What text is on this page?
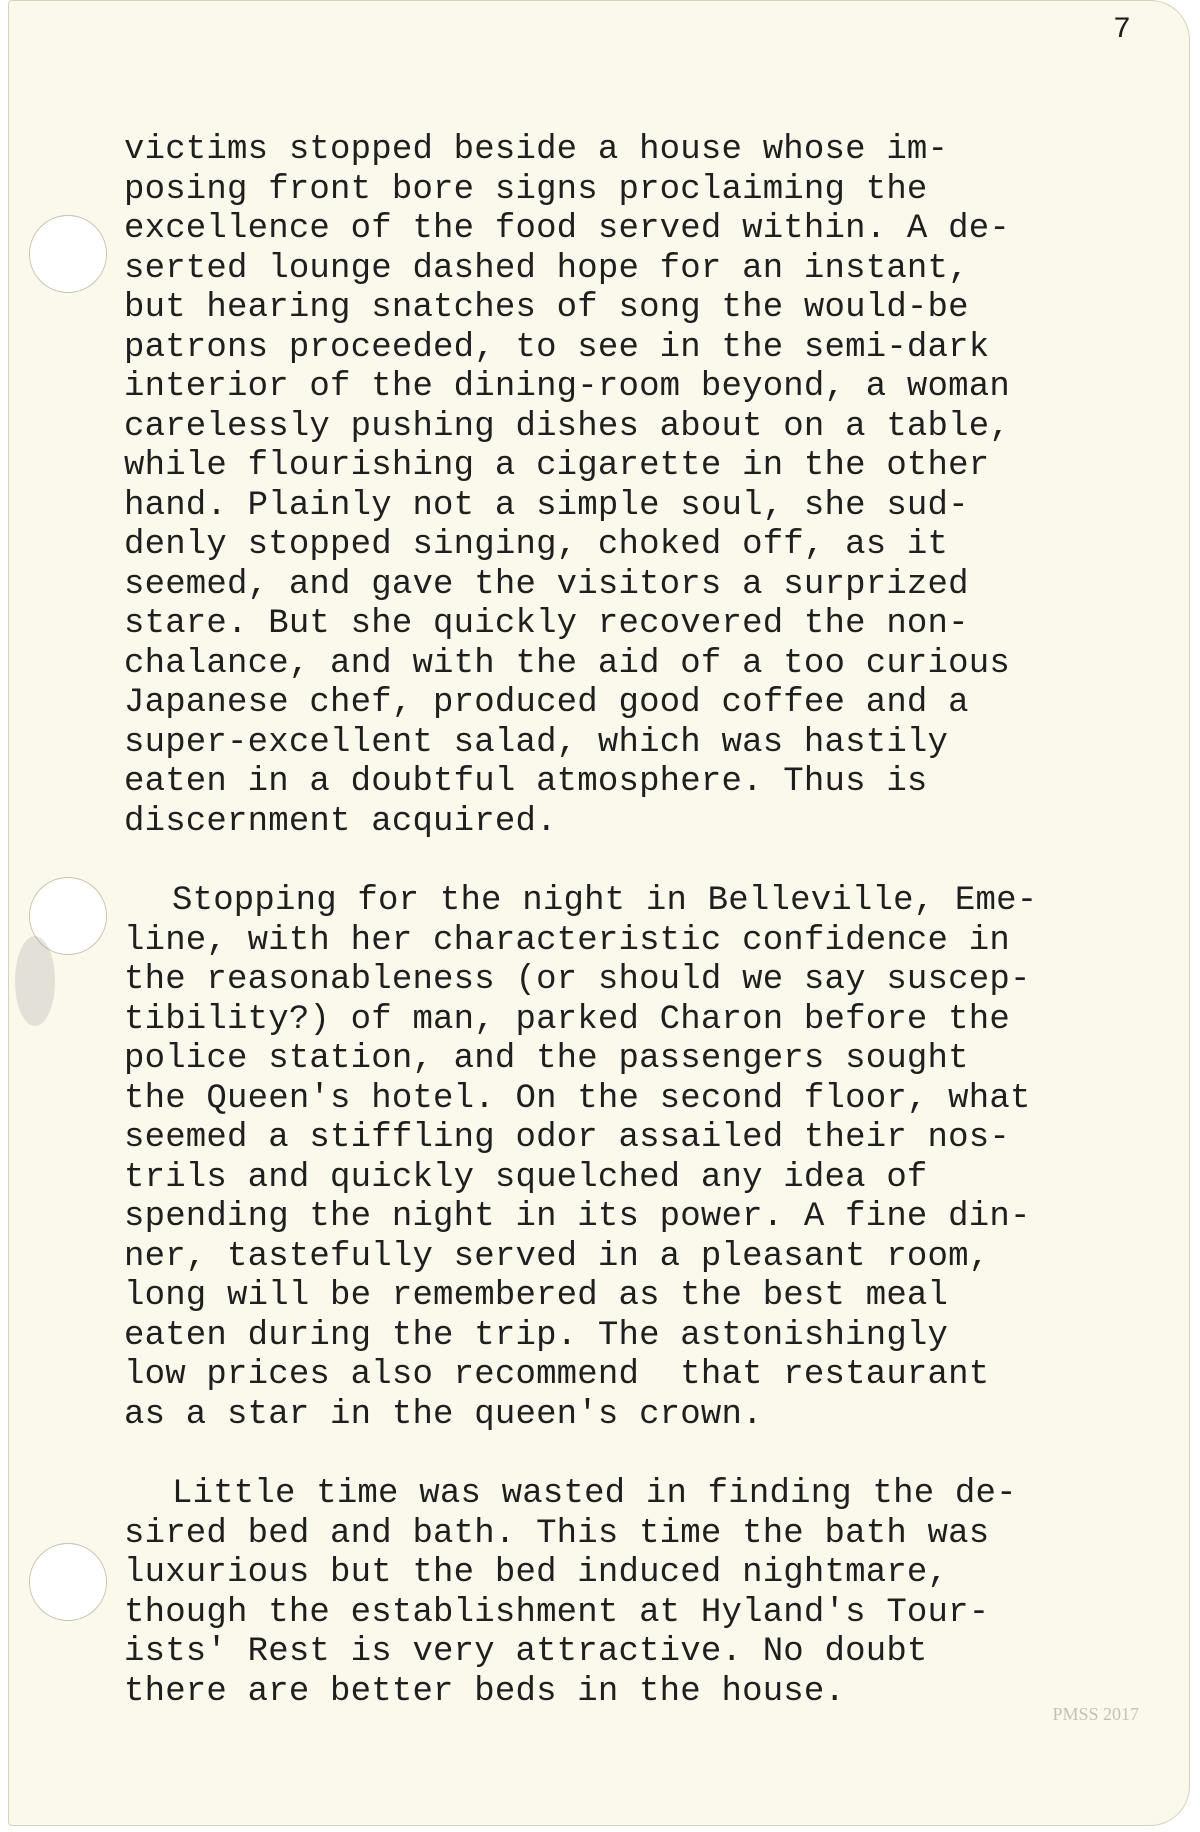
7
victims stopped beside a house whose im-
posing front bore signs proclaiming the
excellence of the food served within. A de-
serted lounge dashed hope for an instant,
but hearing snatches of song the would-be
patrons proceeded, to see in the semi-dark
interior of the dining-room beyond, a woman
carelessly pushing dishes about on a table,
while flourishing a cigarette in the other
hand. Plainly not a simple soul, she sud-
denly stopped singing, choked off, as it
seemed, and gave the visitors a surprized
stare. But she quickly recovered the non-
chalance, and with the aid of a too curious
Japanese chef, produced good coffee and a
super-excellent salad, which was hastily
eaten in a doubtful atmosphere. Thus is
discernment acquired.
Stopping for the night in Belleville, Eme-
line, with her characteristic confidence in
the reasonableness (or should we say suscep-
tibility?) of man, parked Charon before the
police station, and the passengers sought
the Queen's hotel. On the second floor, what
seemed a stiffling odor assailed their nos-
trils and quickly squelched any idea of
spending the night in its power. A fine din-
ner, tastefully served in a pleasant room,
long will be remembered as the best meal
eaten during the trip. The astonishingly
low prices also recommend  that restaurant
as a star in the queen's crown.
Little time was wasted in finding the de-
sired bed and bath. This time the bath was
luxurious but the bed induced nightmare,
though the establishment at Hyland's Tour-
ists' Rest is very attractive. No doubt
there are better beds in the house.
PMSS 2017
